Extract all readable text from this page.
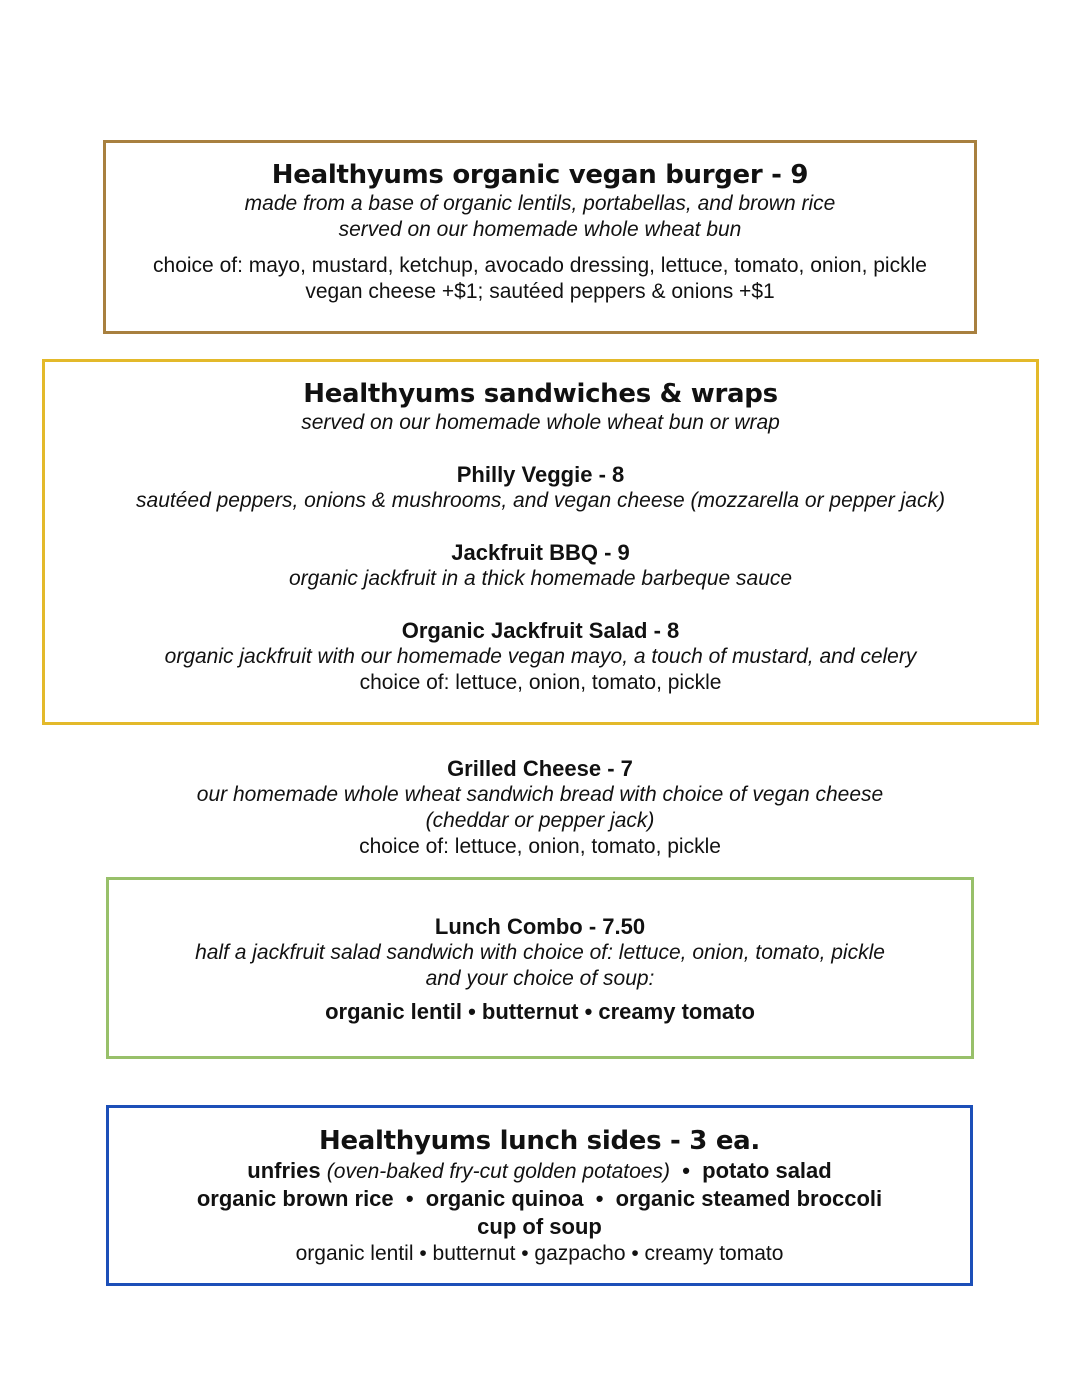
Healthyums organic vegan burger - 9
made from a base of organic lentils, portabellas, and brown rice
served on our homemade whole wheat bun
choice of: mayo, mustard, ketchup, avocado dressing, lettuce, tomato, onion, pickle
vegan cheese +$1; sautéed peppers & onions +$1
Healthyums sandwiches & wraps
served on our homemade whole wheat bun or wrap
Philly Veggie - 8
sautéed peppers, onions & mushrooms, and vegan cheese (mozzarella or pepper jack)
Jackfruit BBQ - 9
organic jackfruit in a thick homemade barbeque sauce
Organic Jackfruit Salad - 8
organic jackfruit with our homemade vegan mayo, a touch of mustard, and celery
choice of: lettuce, onion, tomato, pickle
Grilled Cheese - 7
our homemade whole wheat sandwich bread with choice of vegan cheese
(cheddar or pepper jack)
choice of: lettuce, onion, tomato, pickle
Lunch Combo - 7.50
half a jackfruit salad sandwich with choice of: lettuce, onion, tomato, pickle
and your choice of soup:
organic lentil • butternut • creamy tomato
Healthyums lunch sides - 3 ea.
unfries (oven-baked fry-cut golden potatoes) • potato salad
organic brown rice  •  organic quinoa  •  organic steamed broccoli
cup of soup
organic lentil • butternut • gazpacho • creamy tomato
